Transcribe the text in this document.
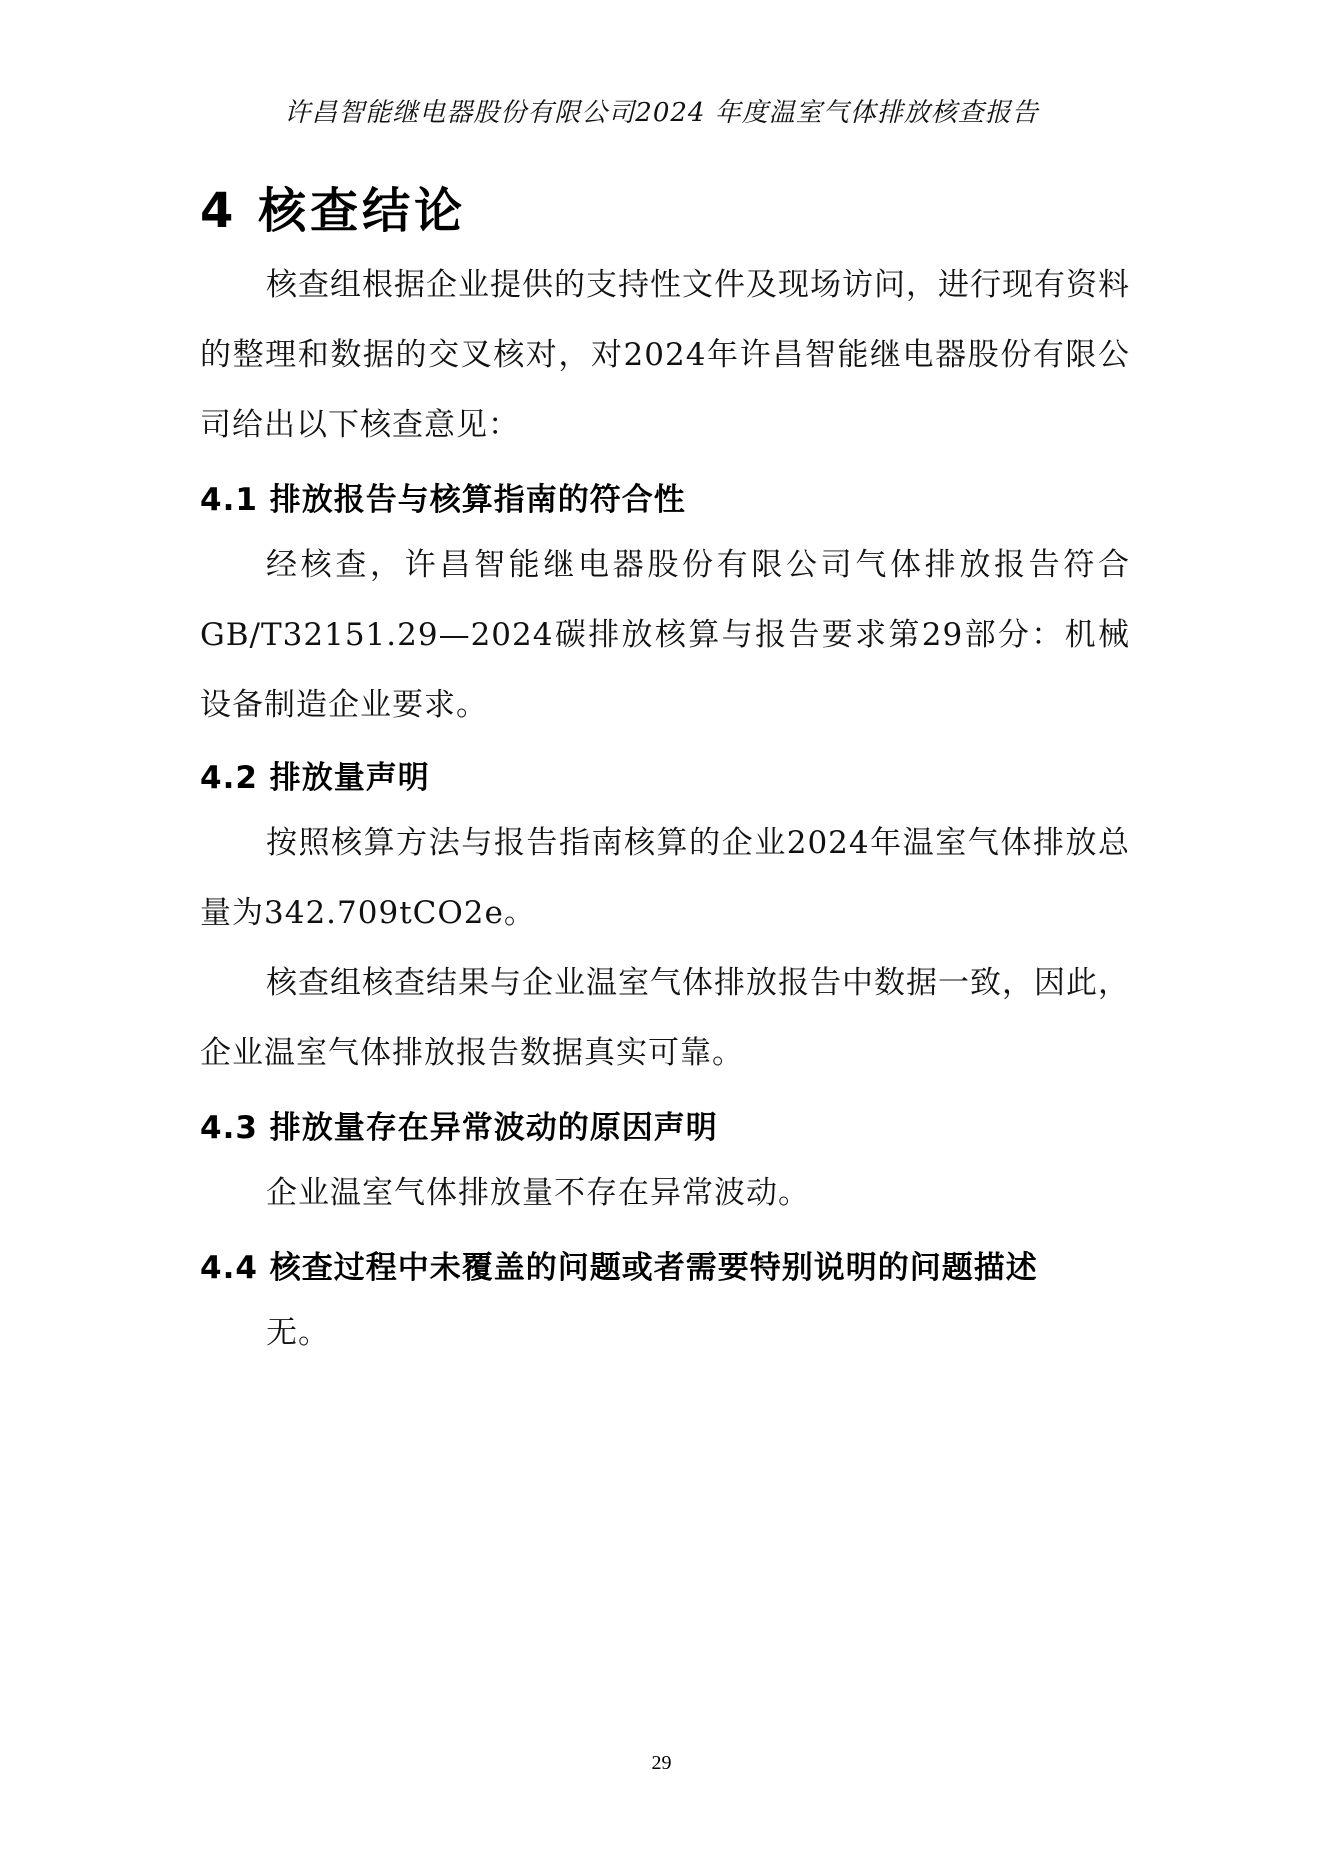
许昌智能继电器股份有限公司2024 年度温室气体排放核查报告
4 核查结论

核查组根据企业提供的支持性文件及现场访问，进行现有资料的整理和数据的交叉核对，对2024年许昌智能继电器股份有限公司给出以下核查意见：

4.1 排放报告与核算指南的符合性

经核查，许昌智能继电器股份有限公司气体排放报告符合GB/T32151.29—2024碳排放核算与报告要求第29部分：机械设备制造企业要求。

4.2 排放量声明

按照核算方法与报告指南核算的企业2024年温室气体排放总量为342.709tCO2e。

核查组核查结果与企业温室气体排放报告中数据一致，因此，企业温室气体排放报告数据真实可靠。

4.3 排放量存在异常波动的原因声明

企业温室气体排放量不存在异常波动。

4.4 核查过程中未覆盖的问题或者需要特别说明的问题描述

无。

29
